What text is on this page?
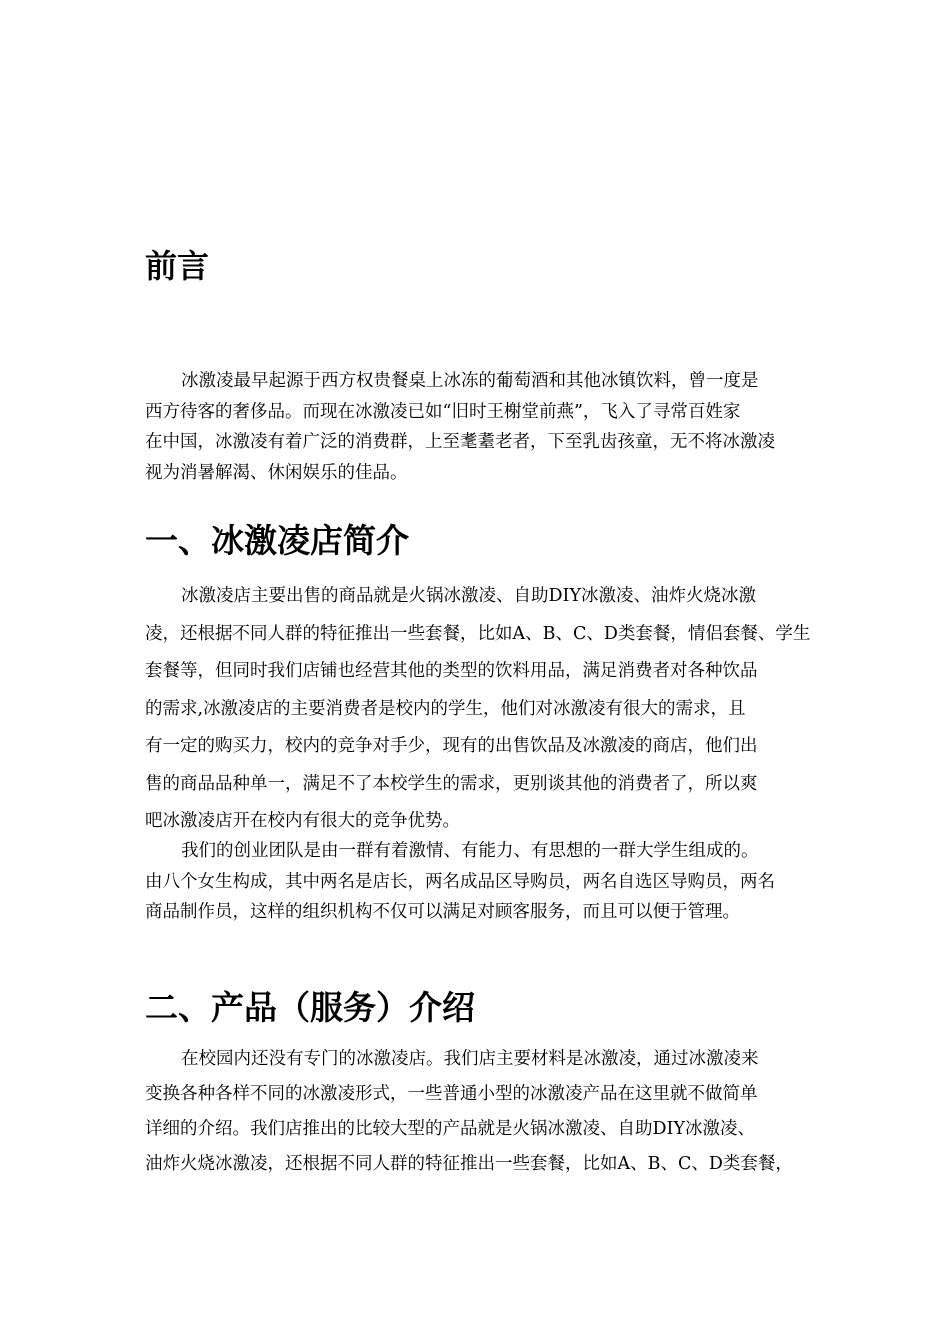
前言
冰激凌最早起源于西方权贵餐桌上冰冻的葡萄酒和其他冰镇饮料，曾一度是
西方待客的奢侈品。而现在冰激凌已如“旧时王榭堂前燕”，飞入了寻常百姓家
在中国，冰激凌有着广泛的消费群，上至耄耋老者，下至乳齿孩童，无不将冰激凌
视为消暑解渴、休闲娱乐的佳品。
一、冰激凌店简介
冰激凌店主要出售的商品就是火锅冰激凌、自助DIY冰激凌、油炸火烧冰激
凌，还根据不同人群的特征推出一些套餐，比如A、B、C、D类套餐，情侣套餐、学生
套餐等，但同时我们店铺也经营其他的类型的饮料用品，满足消费者对各种饮品
的需求,冰激凌店的主要消费者是校内的学生，他们对冰激凌有很大的需求，且
有一定的购买力，校内的竞争对手少，现有的出售饮品及冰激凌的商店，他们出
售的商品品种单一，满足不了本校学生的需求，更别谈其他的消费者了，所以爽
吧冰激凌店开在校内有很大的竞争优势。
我们的创业团队是由一群有着激情、有能力、有思想的一群大学生组成的。
由八个女生构成，其中两名是店长，两名成品区导购员，两名自选区导购员，两名
商品制作员，这样的组织机构不仅可以满足对顾客服务，而且可以便于管理。
二、产品（服务）介绍
在校园内还没有专门的冰激凌店。我们店主要材料是冰激凌，通过冰激凌来
变换各种各样不同的冰激凌形式，一些普通小型的冰激凌产品在这里就不做简单
详细的介绍。我们店推出的比较大型的产品就是火锅冰激凌、自助DIY冰激凌、
油炸火烧冰激凌，还根据不同人群的特征推出一些套餐，比如A、B、C、D类套餐，
